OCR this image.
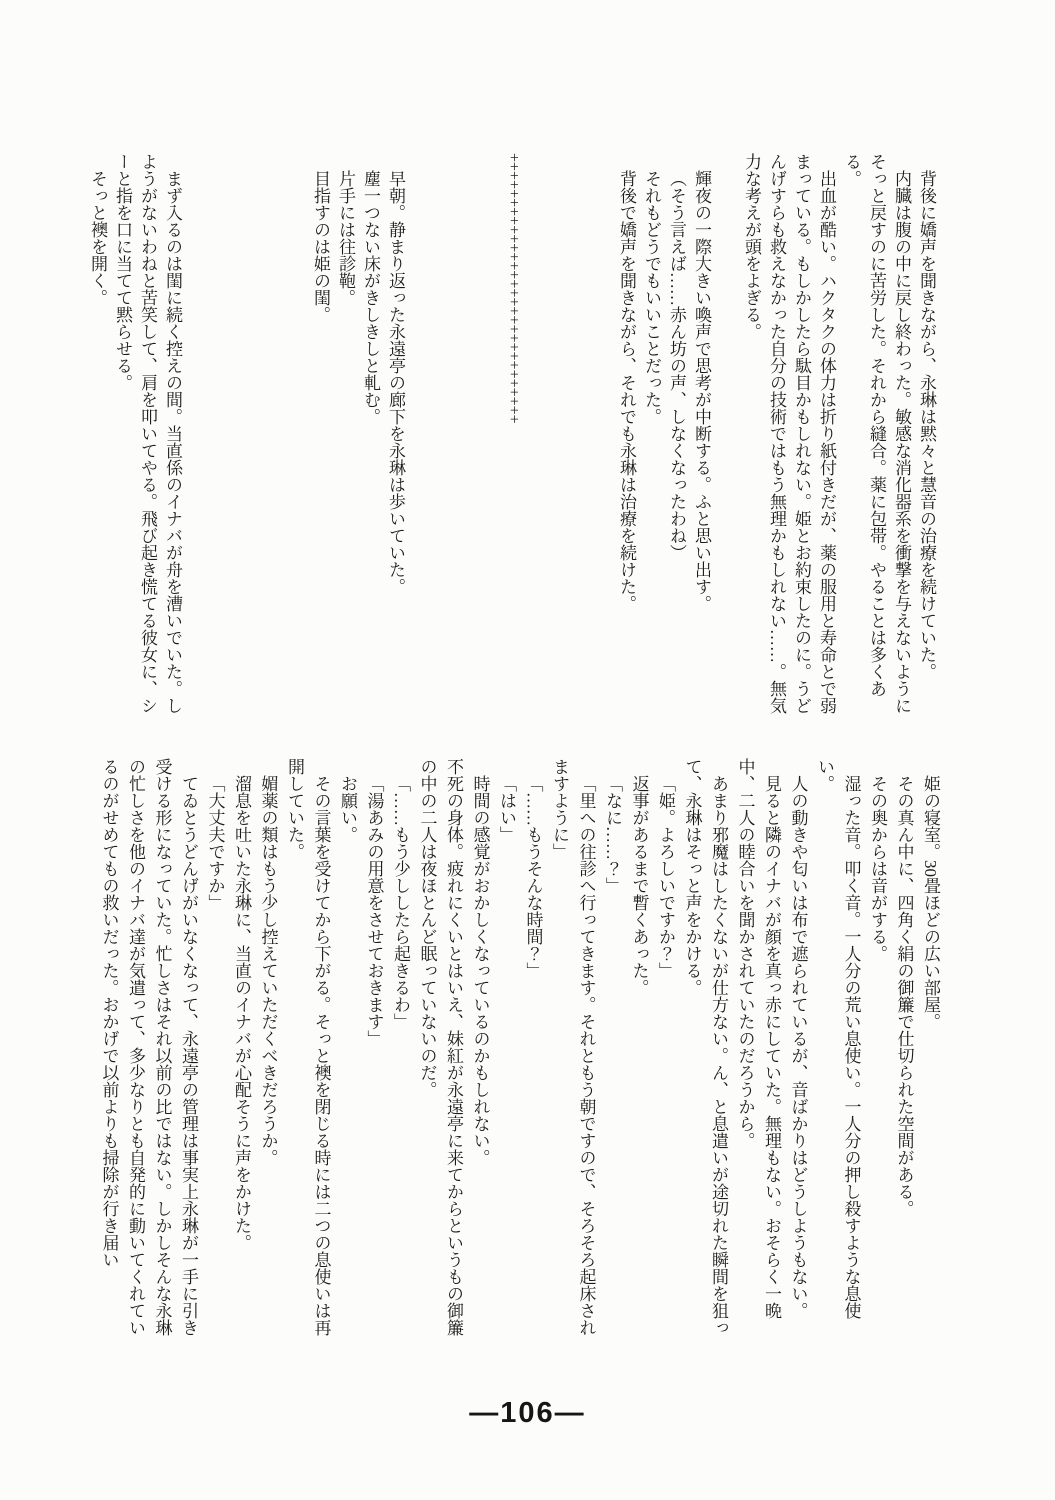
背後に嬌声を聞きながら、永琳は黙々と慧音の治療を続けていた。

内臓は腹の中に戻し終わった。敏感な消化器系を衝撃を与えないようにそっと戻すのに苦労した。それから縫合。薬に包帯。やることは多くある。

出血が酷い。ハクタクの体力は折り紙付きだが、薬の服用と寿命とで弱まっている。もしかしたら駄目かもしれない。姫とお約束したのに。うどんげすらも救えなかった自分の技術ではもう無理かもしれない……。無気力な考えが頭をよぎる。

輝夜の一際大きい喚声で思考が中断する。ふと思い出す。

（そう言えば……赤ん坊の声、しなくなったわね）

それもどうでもいいことだった。

背後で嬌声を聞きながら、それでも永琳は治療を続けた。

++++++++++++++++++++++++++++++

早朝。静まり返った永遠亭の廊下を永琳は歩いていた。

塵一つない床がきしきしと軋む。

片手には往診鞄。

目指すのは姫の閨。

まず入るのは閨に続く控えの間。当直係のイナバが舟を漕いでいた。しようがないわねと苦笑して、肩を叩いてやる。飛び起き慌てる彼女に、シーと指を口に当てて黙らせる。

そっと襖を開く。

姫の寝室。30畳ほどの広い部屋。

その真ん中に、四角く絹の御簾で仕切られた空間がある。

その奥からは音がする。

湿った音。叩く音。一人分の荒い息使い。一人分の押し殺すような息使い。

人の動きや匂いは布で遮られているが、音ばかりはどうしようもない。

見ると隣のイナバが顔を真っ赤にしていた。無理もない。おそらく一晩中、二人の睦合いを聞かされていたのだろうから。

あまり邪魔はしたくないが仕方ない。ん、と息遣いが途切れた瞬間を狙って、永琳はそっと声をかける。

「姫。よろしいですか？」

返事があるまで暫くあった。

「なに……？」

「里への往診へ行ってきます。それともう朝ですので、そろそろ起床されますように」

「……もうそんな時間？」

「はい」

時間の感覚がおかしくなっているのかもしれない。

不死の身体。疲れにくいとはいえ、妹紅が永遠亭に来てからというもの御簾の中の二人は夜ほとんど眠っていないのだ。

「……もう少ししたら起きるわ」

「湯あみの用意をさせておきます」

お願い。

その言葉を受けてから下がる。そっと襖を閉じる時には二つの息使いは再開していた。

媚薬の類はもう少し控えていただくべきだろうか。

溜息を吐いた永琳に、当直のイナバが心配そうに声をかけた。

「大丈夫ですか」

てゐとうどんげがいなくなって、永遠亭の管理は事実上永琳が一手に引き受ける形になっていた。忙しさはそれ以前の比ではない。しかしそんな永琳の忙しさを他のイナバ達が気遣って、多少なりとも自発的に動いてくれているのがせめてもの救いだった。おかげで以前よりも掃除が行き届い

―106―
